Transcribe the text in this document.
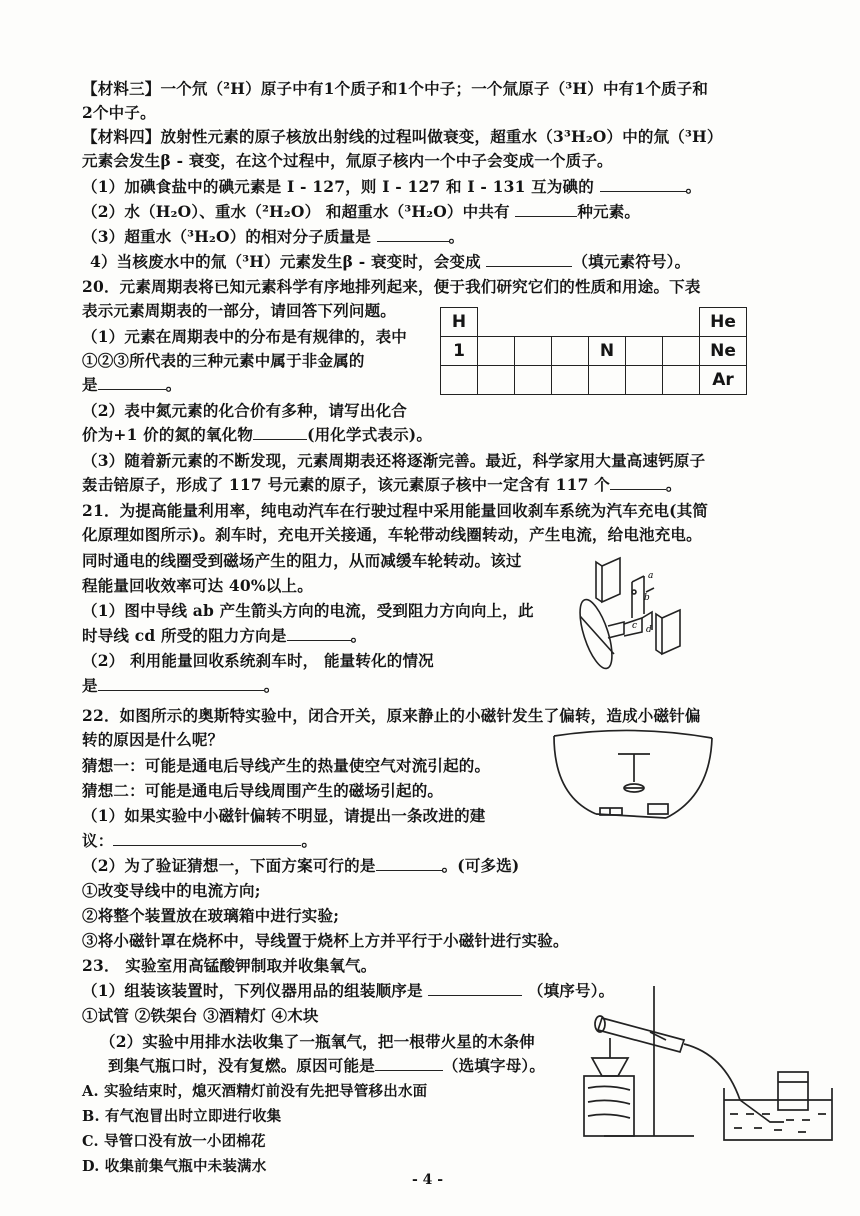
【材料三】一个氘（²H）原子中有1个质子和1个中子；一个氚原子（³H）中有1个质子和
2个中子。
【材料四】放射性元素的原子核放出射线的过程叫做衰变，超重水（3³H₂O）中的氚（³H）
元素会发生β - 衰变，在这个过程中，氚原子核内一个中子会变成一个质子。
（1）加碘食盐中的碘元素是 I - 127，则 I - 127 和 I - 131 互为碘的	。
（2）水（H₂O）、重水（²H₂O） 和超重水（³H₂O）中共有	种元素。
（3）超重水（³H₂O）的相对分子质量是	。
4）当核废水中的氚（³H）元素发生β - 衰变时，会变成	（填元素符号）。
20．元素周期表将已知元素科学有序地排列起来，便于我们研究它们的性质和用途。下表
表示元素周期表的一部分，请回答下列问题。
（1）元素在周期表中的分布是有规律的，表中
①②③所代表的三种元素中属于非金属的
是	。
（2）表中氮元素的化合价有多种，请写出化合
价为+1 价的氮的氧化物	(用化学式表示)。
（3）随着新元素的不断发现，元素周期表还将逐渐完善。最近，科学家用大量高速钙原子
轰击锫原子，形成了 117 号元素的原子，该元素原子核中一定含有 117 个	。
H							He
1				N			Ne
							Ar
21．为提高能量利用率，纯电动汽车在行驶过程中采用能量回收刹车系统为汽车充电(其简
化原理如图所示)。刹车时，充电开关接通，车轮带动线圈转动，产生电流，给电池充电。
同时通电的线圈受到磁场产生的阻力，从而减缓车轮转动。该过
程能量回收效率可达 40%以上。
（1）图中导线 ab 产生箭头方向的电流，受到阻力方向向上，此
时导线 cd 所受的阻力方向是	。
（2） 利用能量回收系统刹车时， 能量转化的情况
是	。
a
b
c d
22．如图所示的奥斯特实验中，闭合开关，原来静止的小磁针发生了偏转，造成小磁针偏
转的原因是什么呢？
猜想一：可能是通电后导线产生的热量使空气对流引起的。
猜想二：可能是通电后导线周围产生的磁场引起的。
（1）如果实验中小磁针偏转不明显，请提出一条改进的建
议：	。
（2）为了验证猜想一，下面方案可行的是	。(可多选)
①改变导线中的电流方向;
②将整个装置放在玻璃箱中进行实验;
③将小磁针罩在烧杯中，导线置于烧杯上方并平行于小磁针进行实验。
23． 实验室用高锰酸钾制取并收集氧气。
（1）组装该装置时，下列仪器用品的组装顺序是	（填序号）。
①试管 ②铁架台 ③酒精灯 ④木块
（2）实验中用排水法收集了一瓶氧气，把一根带火星的木条伸
到集气瓶口时，没有复燃。原因可能是	（选填字母）。
A. 实验结束时，熄灭酒精灯前没有先把导管移出水面
B. 有气泡冒出时立即进行收集
C. 导管口没有放一小团棉花
D. 收集前集气瓶中未装满水
- 4 -
